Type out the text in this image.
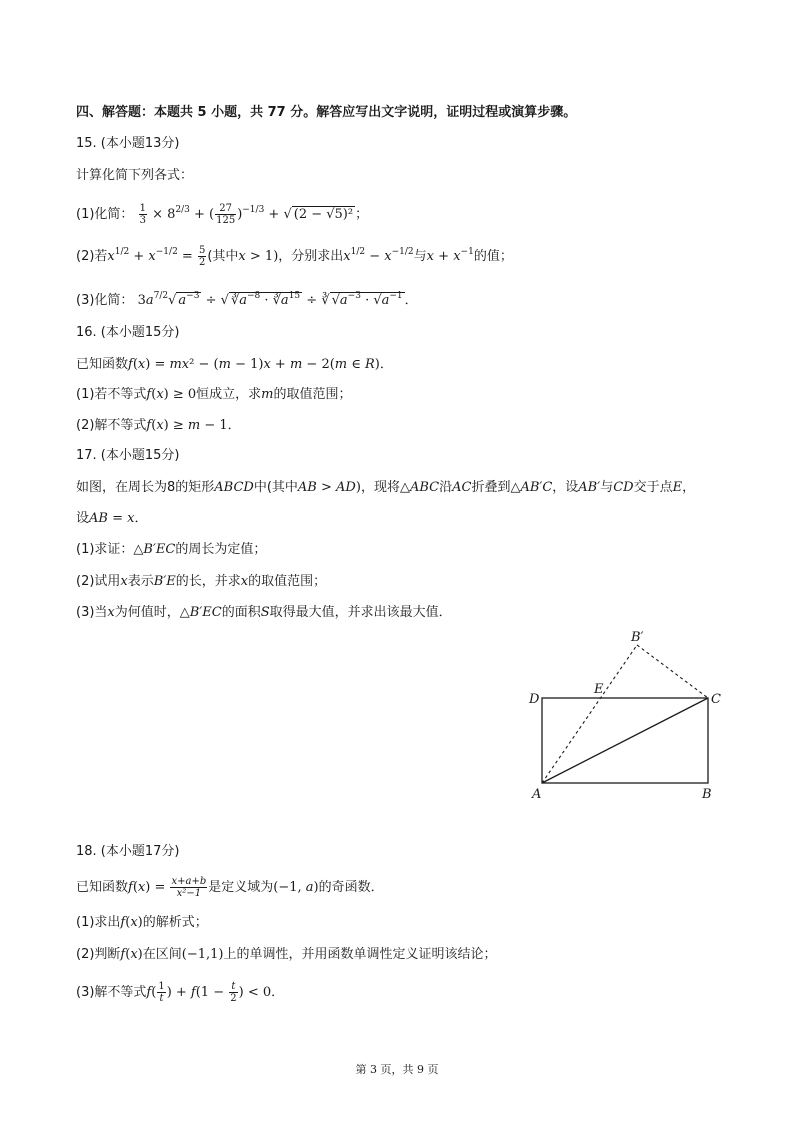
四、解答题：本题共 5 小题，共 77 分。解答应写出文字说明，证明过程或演算步骤。
15. (本小题13分)
计算化简下列各式：
(1)化简： $\frac{1}{3} \times 8^{2/3}$ + ( $\frac{27}{125} )^{-1/3}$ + √ (2 − √5)² ；
(2)若$x^{1/2} + x^{-1/2} = \frac{5}{2}$ (其中x > 1)，分别求出$x^{1/2} - x^{-1/2}$与$x + x^{-1}$的值；
(3)化简： $3a^{7/2}√$ $a^{-3}$ ÷ √ $∛a^{-8}$ · $∛a^{15}$ ÷ ∛ $√a^{-3} \cdot √a^{-1}$ ．
16. (本小题15分)
已知函数f(x) = mx² − (m − 1)x + m − 2(m ∈ R)．
(1)若不等式f(x) ≥ 0恒成立，求m的取值范围；
(2)解不等式f(x) ≥ m − 1．
17. (本小题15分)
如图，在周长为8的矩形ABCD中(其中AB > AD)，现将△ABC沿AC折叠到△AB′C，设AB′与CD交于点E，
设AB = x．
(1)求证：△B′EC的周长为定值；
(2)试用x表示B′E的长，并求x的取值范围；
(3)当x为何值时，△B′EC的面积S取得最大值，并求出该最大值．
A	B
C
D
E
B′
18. (本小题17分)
已知函数$f(x) = \frac{x+a+b}{\text{x²−1}}$ 是定义域为(−1, a)的奇函数．
(1)求出f(x)的解析式；
(2)判断f(x)在区间(−1,1)上的单调性，并用函数单调性定义证明该结论；
(3)解不等式$f( \frac{1}{t}$ ) + $f(1 - \frac{t}{2}$ ) < 0．
第 3 页，共 9 页
